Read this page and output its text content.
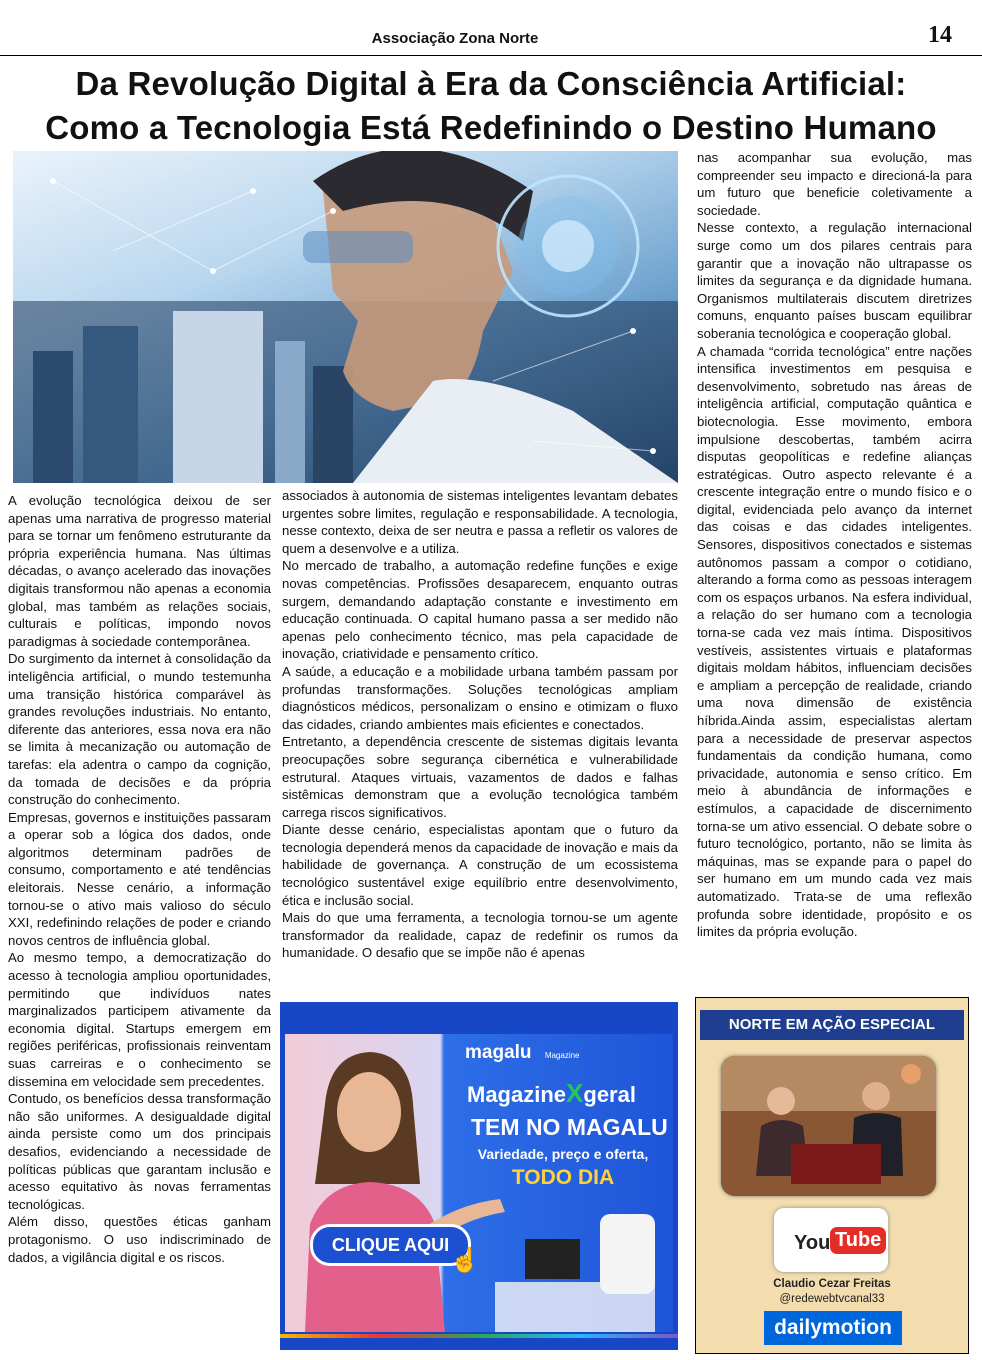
Associação Zona Norte	14
Da Revolução Digital à Era da Consciência Artificial:
Como a Tecnologia Está Redefinindo o Destino Humano

A evolução tecnológica deixou de ser apenas uma narrativa de progresso material para se tornar um fenômeno estruturante da própria experiência humana. Nas últimas décadas, o avanço acelerado das inovações digitais transformou não apenas a economia global, mas também as relações sociais, culturais e políticas, impondo novos paradigmas à sociedade contemporânea.

Do surgimento da internet à consolidação da inteligência artificial, o mundo testemunha uma transição histórica comparável às grandes revoluções industriais. No entanto, diferente das anteriores, essa nova era não se limita à mecanização ou automação de tarefas: ela adentra o campo da cognição, da tomada de decisões e da própria construção do conhecimento.

Empresas, governos e instituições passaram a operar sob a lógica dos dados, onde algoritmos determinam padrões de consumo, comportamento e até tendências eleitorais. Nesse cenário, a informação tornou-se o ativo mais valioso do século XXI, redefinindo relações de poder e criando novos centros de influência global.

Ao mesmo tempo, a democratização do acesso à tecnologia ampliou oportunidades, permitindo que indivíduos nates marginalizados participem ativamente da economia digital. Startups emergem em regiões periféricas, profissionais reinventam suas carreiras e o conhecimento se dissemina em velocidade sem precedentes.

Contudo, os benefícios dessa transformação não são uniformes. A desigualdade digital ainda persiste como um dos principais desafios, evidenciando a necessidade de políticas públicas que garantam inclusão e acesso equitativo às novas ferramentas tecnológicas.

Além disso, questões éticas ganham protagonismo. O uso indiscriminado de dados, a vigilância digital e os riscos.

associados à autonomia de sistemas inteligentes levantam debates urgentes sobre limites, regulação e responsabilidade. A tecnologia, nesse contexto, deixa de ser neutra e passa a refletir os valores de quem a desenvolve e a utiliza.

No mercado de trabalho, a automação redefine funções e exige novas competências. Profissões desaparecem, enquanto outras surgem, demandando adaptação constante e investimento em educação continuada. O capital humano passa a ser medido não apenas pelo conhecimento técnico, mas pela capacidade de inovação, criatividade e pensamento crítico.

A saúde, a educação e a mobilidade urbana também passam por profundas transformações. Soluções tecnológicas ampliam diagnósticos médicos, personalizam o ensino e otimizam o fluxo das cidades, criando ambientes mais eficientes e conectados.

Entretanto, a dependência crescente de sistemas digitais levanta preocupações sobre segurança cibernética e vulnerabilidade estrutural. Ataques virtuais, vazamentos de dados e falhas sistêmicas demonstram que a evolução tecnológica também carrega riscos significativos.

Diante desse cenário, especialistas apontam que o futuro da tecnologia dependerá menos da capacidade de inovação e mais da habilidade de governança. A construção de um ecossistema tecnológico sustentável exige equilíbrio entre desenvolvimento, ética e inclusão social.

Mais do que uma ferramenta, a tecnologia tornou-se um agente transformador da realidade, capaz de redefinir os rumos da humanidade. O desafio que se impõe não é apenas

nas acompanhar sua evolução, mas compreender seu impacto e direcioná-la para um futuro que beneficie coletivamente a sociedade.

Nesse contexto, a regulação internacional surge como um dos pilares centrais para garantir que a inovação não ultrapasse os limites da segurança e da dignidade humana. Organismos multilaterais discutem diretrizes comuns, enquanto países buscam equilibrar soberania tecnológica e cooperação global.

A chamada “corrida tecnológica” entre nações intensifica investimentos em pesquisa e desenvolvimento, sobretudo nas áreas de inteligência artificial, computação quântica e biotecnologia. Esse movimento, embora impulsione descobertas, também acirra disputas geopolíticas e redefine alianças estratégicas. Outro aspecto relevante é a crescente integração entre o mundo físico e o digital, evidenciada pelo avanço da internet das coisas e das cidades inteligentes. Sensores, dispositivos conectados e sistemas autônomos passam a compor o cotidiano, alterando a forma como as pessoas interagem com os espaços urbanos. Na esfera individual, a relação do ser humano com a tecnologia torna-se cada vez mais íntima. Dispositivos vestíveis, assistentes virtuais e plataformas digitais moldam hábitos, influenciam decisões e ampliam a percepção de realidade, criando uma nova dimensão de existência híbrida.Ainda assim, especialistas alertam para a necessidade de preservar aspectos fundamentais da condição humana, como privacidade, autonomia e senso crítico. Em meio à abundância de informações e estímulos, a capacidade de discernimento torna-se um ativo essencial. O debate sobre o futuro tecnológico, portanto, não se limita às máquinas, mas se expande para o papel do ser humano em um mundo cada vez mais automatizado. Trata-se de uma reflexão profunda sobre identidade, propósito e os limites da própria evolução.

magalu Magazine
MagazineXgeral
TEM NO MAGALU
Variedade, preço e oferta,
TODO DIA
CLIQUE AQUI
☝
NORTE EM AÇÃO ESPECIAL
You Tube
Claudio Cezar Freitas
@redewebtvcanal33
dailymotion
